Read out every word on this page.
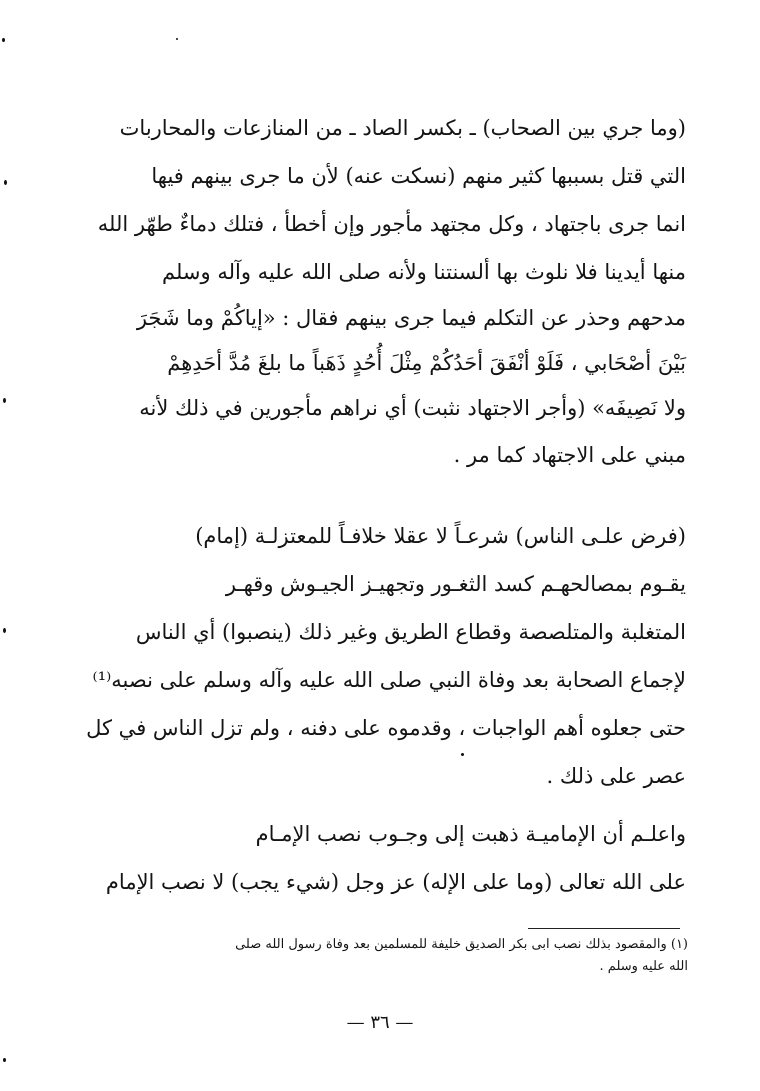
(وما جري بين الصحاب) ـ بكسر الصاد ـ من المنازعات والمحاربات
التي قتل بسببها كثير منهم (نسكت عنه) لأن ما جرى بينهم فيها
انما جرى باجتهاد ، وكل مجتهد مأجور وإن أخطأ ، فتلك دماءٌ طهّر الله
منها أيدينا فلا نلوث بها ألسنتنا ولأنه صلى الله عليه وآله وسلم
مدحهم وحذر عن التكلم فيما جرى بينهم فقال : «إياكُمْ وما شَجَرَ
بَيْنَ أصْحَابي ، فَلَوْ أنْفَقَ أحَدُكُمْ مِثْلَ أُحُدٍ ذَهَباً ما بلغَ مُدَّ أحَدِهِمْ
ولا نَصِيفَه» (وأجر الاجتهاد نثبت) أي نراهم مأجورين في ذلك لأنه
مبني على الاجتهاد كما مر .
(فرض علـى الناس) شرعـاً لا عقلا خلافـاً للمعتزلـة (إمام)
يقـوم بمصالحهـم كسد الثغـور وتجهيـز الجيـوش وقهـر
المتغلبة والمتلصصة وقطاع الطريق وغير ذلك (ينصبوا) أي الناس
لإجماع الصحابة بعد وفاة النبي صلى الله عليه وآله وسلم على نصبه⁽¹⁾
حتى جعلوه أهم الواجبات ، وقدموه على دفنه ، ولم تزل الناس في كل
عصر على ذلك .
واعلـم أن الإماميـة ذهبت إلى وجـوب نصب الإمـام
على الله تعالى (وما على الإله) عز وجل (شيء يجب) لا نصب الإمام
(١) والمقصود بذلك نصب ابى بكر الصديق خليفة للمسلمين بعد وفاة رسول الله صلى
الله عليه وسلم .
— ٣٦ —
